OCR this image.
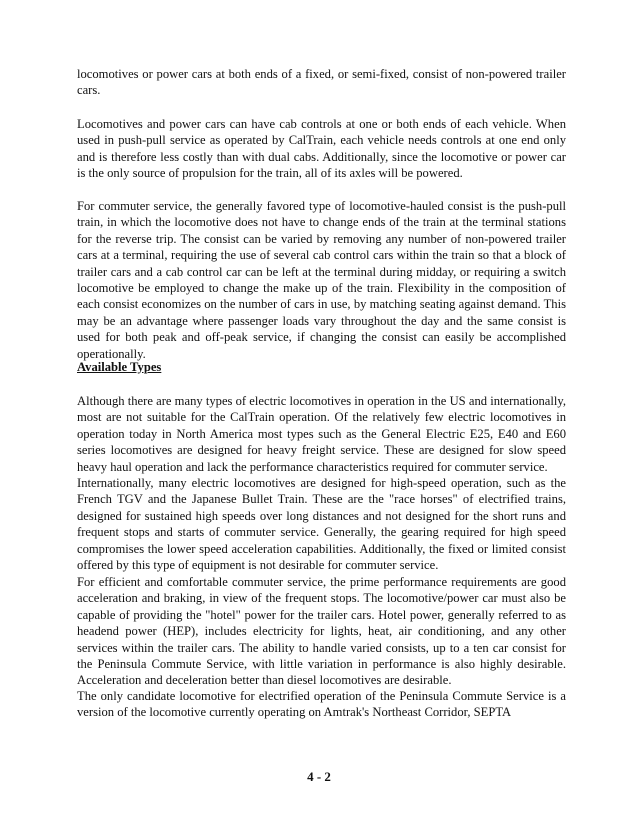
locomotives or power cars at both ends of a fixed, or semi-fixed, consist of non-powered trailer cars.

Locomotives and power cars can have cab controls at one or both ends of each vehicle. When used in push-pull service as operated by CalTrain, each vehicle needs controls at one end only and is therefore less costly than with dual cabs. Additionally, since the locomotive or power car is the only source of propulsion for the train, all of its axles will be powered.

For commuter service, the generally favored type of locomotive-hauled consist is the push-pull train, in which the locomotive does not have to change ends of the train at the terminal stations for the reverse trip. The consist can be varied by removing any number of non-powered trailer cars at a terminal, requiring the use of several cab control cars within the train so that a block of trailer cars and a cab control car can be left at the terminal during midday, or requiring a switch locomotive be employed to change the make up of the train. Flexibility in the composition of each consist economizes on the number of cars in use, by matching seating against demand. This may be an advantage where passenger loads vary throughout the day and the same consist is used for both peak and off-peak service, if changing the consist can easily be accomplished operationally.

Available Types

Although there are many types of electric locomotives in operation in the US and internationally, most are not suitable for the CalTrain operation. Of the relatively few electric locomotives in operation today in North America most types such as the General Electric E25, E40 and E60 series locomotives are designed for heavy freight service. These are designed for slow speed heavy haul operation and lack the performance characteristics required for commuter service.

Internationally, many electric locomotives are designed for high-speed operation, such as the French TGV and the Japanese Bullet Train. These are the "race horses" of electrified trains, designed for sustained high speeds over long distances and not designed for the short runs and frequent stops and starts of commuter service. Generally, the gearing required for high speed compromises the lower speed acceleration capabilities. Additionally, the fixed or limited consist offered by this type of equipment is not desirable for commuter service.

For efficient and comfortable commuter service, the prime performance requirements are good acceleration and braking, in view of the frequent stops. The locomotive/power car must also be capable of providing the "hotel" power for the trailer cars. Hotel power, generally referred to as headend power (HEP), includes electricity for lights, heat, air conditioning, and any other services within the trailer cars. The ability to handle varied consists, up to a ten car consist for the Peninsula Commute Service, with little variation in performance is also highly desirable. Acceleration and deceleration better than diesel locomotives are desirable.

The only candidate locomotive for electrified operation of the Peninsula Commute Service is a version of the locomotive currently operating on Amtrak's Northeast Corridor, SEPTA

4 - 2
